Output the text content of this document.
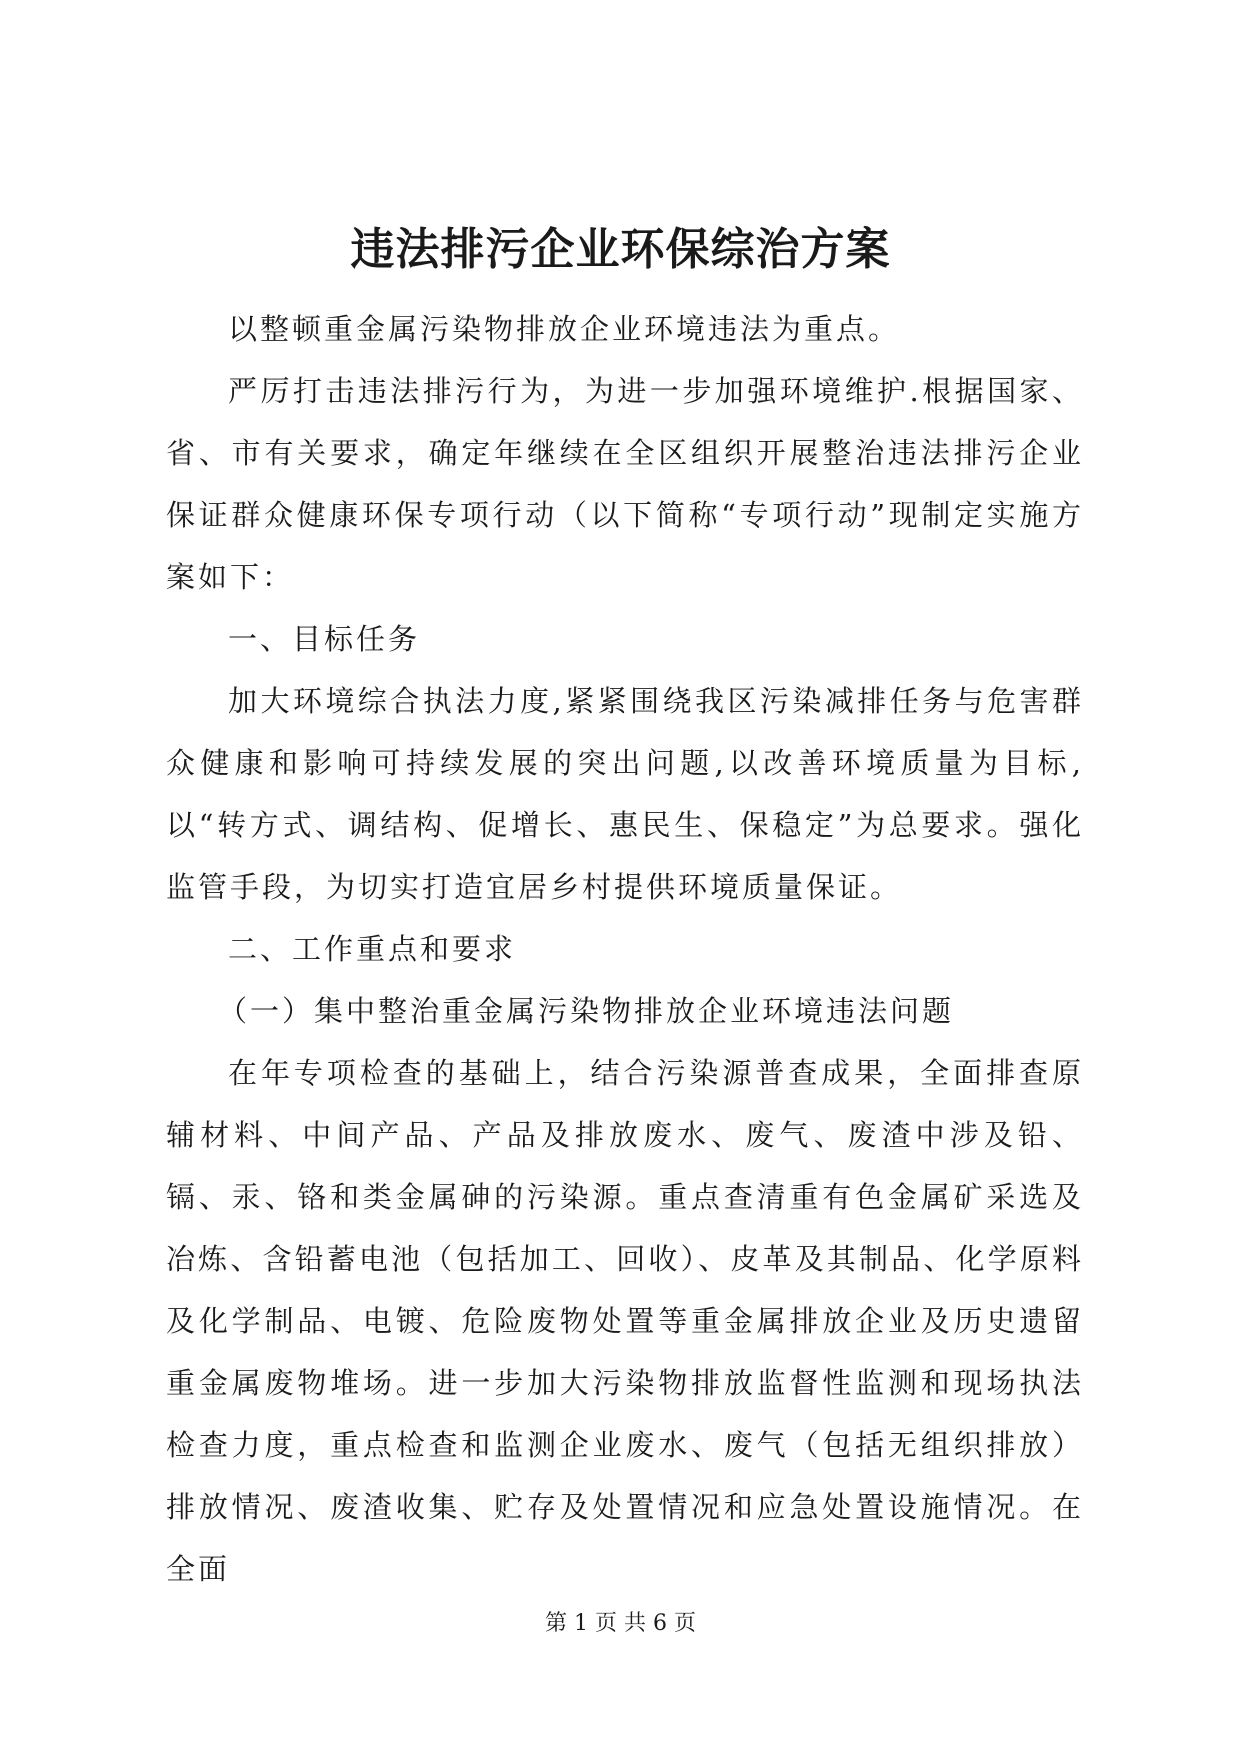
违法排污企业环保综治方案

以整顿重金属污染物排放企业环境违法为重点。

严厉打击违法排污行为，为进一步加强环境维护.根据国家、省、市有关要求，确定年继续在全区组织开展整治违法排污企业保证群众健康环保专项行动（以下简称“专项行动”现制定实施方案如下：

一、目标任务

加大环境综合执法力度,紧紧围绕我区污染减排任务与危害群众健康和影响可持续发展的突出问题,以改善环境质量为目标,以“转方式、调结构、促增长、惠民生、保稳定”为总要求。强化监管手段，为切实打造宜居乡村提供环境质量保证。

二、工作重点和要求

（一）集中整治重金属污染物排放企业环境违法问题

在年专项检查的基础上，结合污染源普查成果，全面排查原辅材料、中间产品、产品及排放废水、废气、废渣中涉及铅、镉、汞、铬和类金属砷的污染源。重点查清重有色金属矿采选及冶炼、含铅蓄电池（包括加工、回收）、皮革及其制品、化学原料及化学制品、电镀、危险废物处置等重金属排放企业及历史遗留重金属废物堆场。进一步加大污染物排放监督性监测和现场执法检查力度，重点检查和监测企业废水、废气（包括无组织排放）排放情况、废渣收集、贮存及处置情况和应急处置设施情况。在全面

第 1 页 共 6 页
